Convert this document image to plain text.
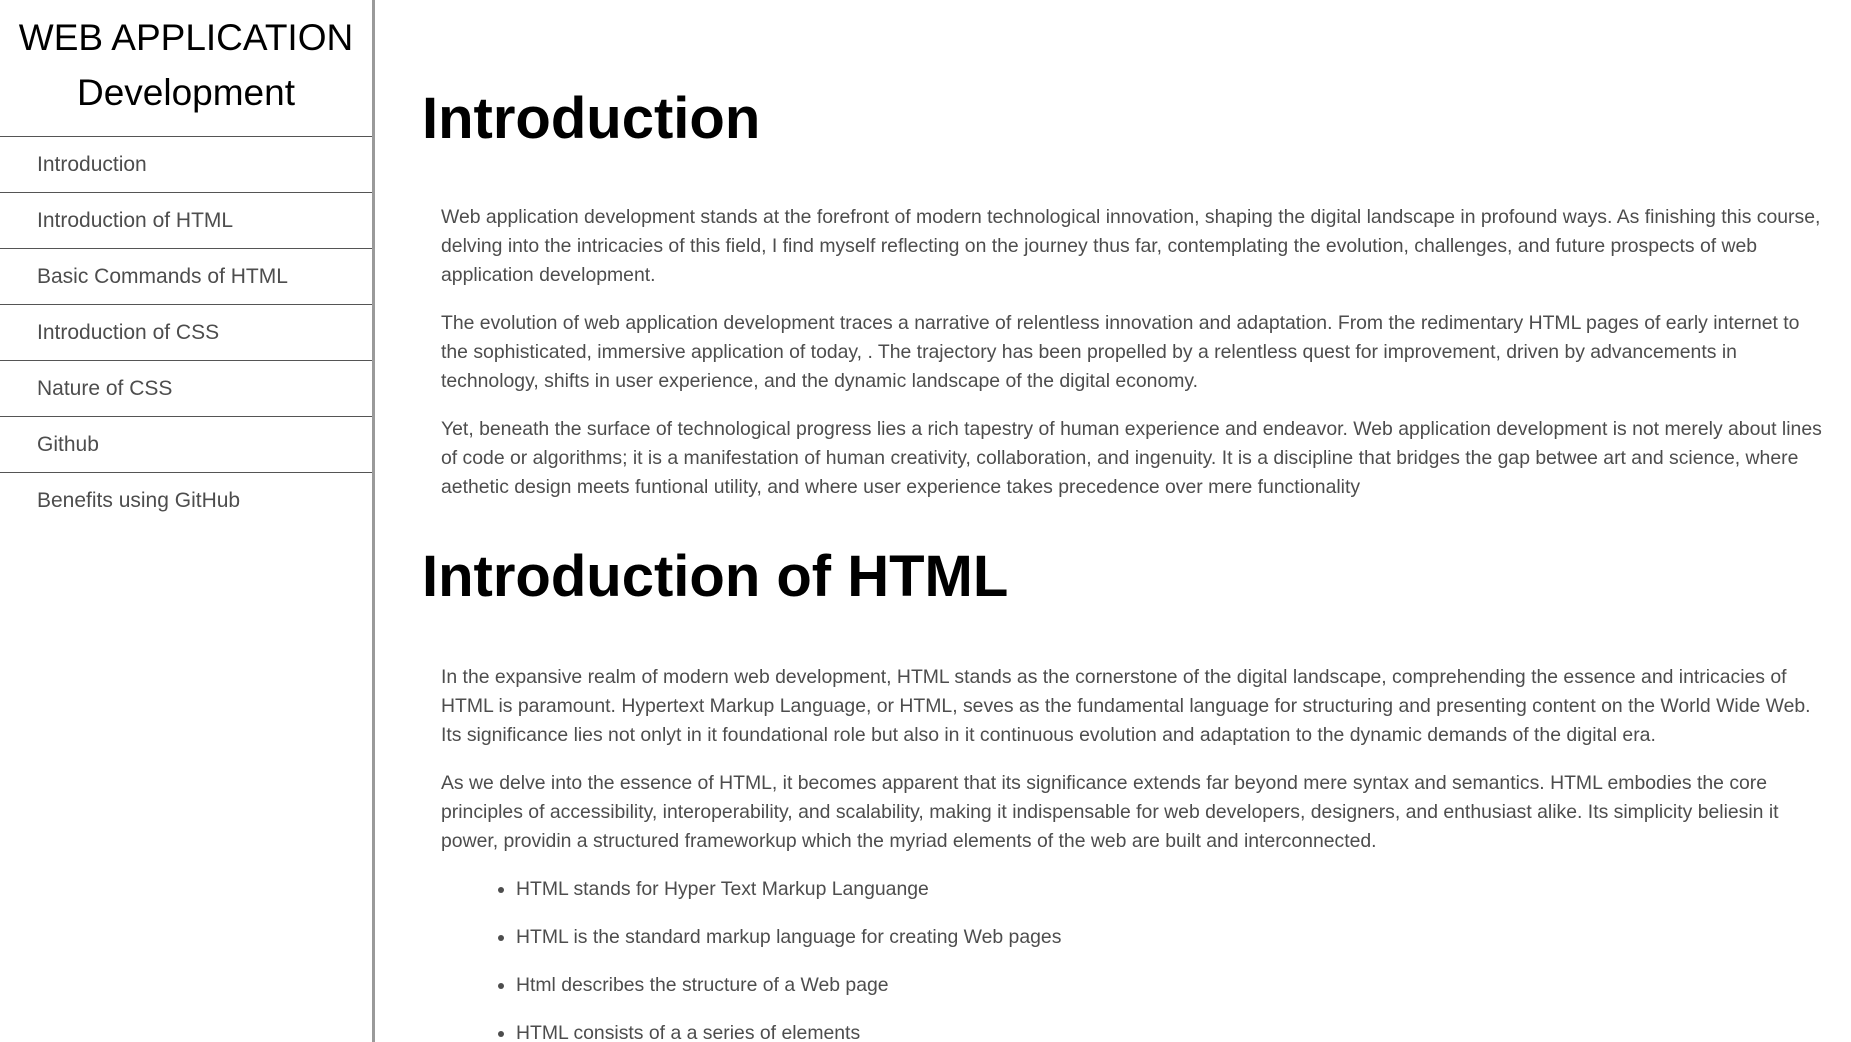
WEB APPLICATION
Development
Introduction
Introduction of HTML
Basic Commands of HTML
Introduction of CSS
Nature of CSS
Github
Benefits using GitHub
Introduction

Web application development stands at the forefront of modern technological innovation, shaping the digital landscape in profound ways. As finishing this course, delving into the intricacies of this field, I find myself reflecting on the journey thus far, contemplating the evolution, challenges, and future prospects of web application development.

The evolution of web application development traces a narrative of relentless innovation and adaptation. From the redimentary HTML pages of early internet to the sophisticated, immersive application of today, . The trajectory has been propelled by a relentless quest for improvement, driven by advancements in technology, shifts in user experience, and the dynamic landscape of the digital economy.

Yet, beneath the surface of technological progress lies a rich tapestry of human experience and endeavor. Web application development is not merely about lines of code or algorithms; it is a manifestation of human creativity, collaboration, and ingenuity. It is a discipline that bridges the gap betwee art and science, where aethetic design meets funtional utility, and where user experience takes precedence over mere functionality

Introduction of HTML

In the expansive realm of modern web development, HTML stands as the cornerstone of the digital landscape, comprehending the essence and intricacies of HTML is paramount. Hypertext Markup Language, or HTML, seves as the fundamental language for structuring and presenting content on the World Wide Web. Its significance lies not onlyt in it foundational role but also in it continuous evolution and adaptation to the dynamic demands of the digital era.

As we delve into the essence of HTML, it becomes apparent that its significance extends far beyond mere syntax and semantics. HTML embodies the core principles of accessibility, interoperability, and scalability, making it indispensable for web developers, designers, and enthusiast alike. Its simplicity beliesin it power, providin a structured frameworkup which the myriad elements of the web are built and interconnected.

• HTML stands for Hyper Text Markup Languange
• HTML is the standard markup language for creating Web pages
• Html describes the structure of a Web page
• HTML consists of a a series of elements
